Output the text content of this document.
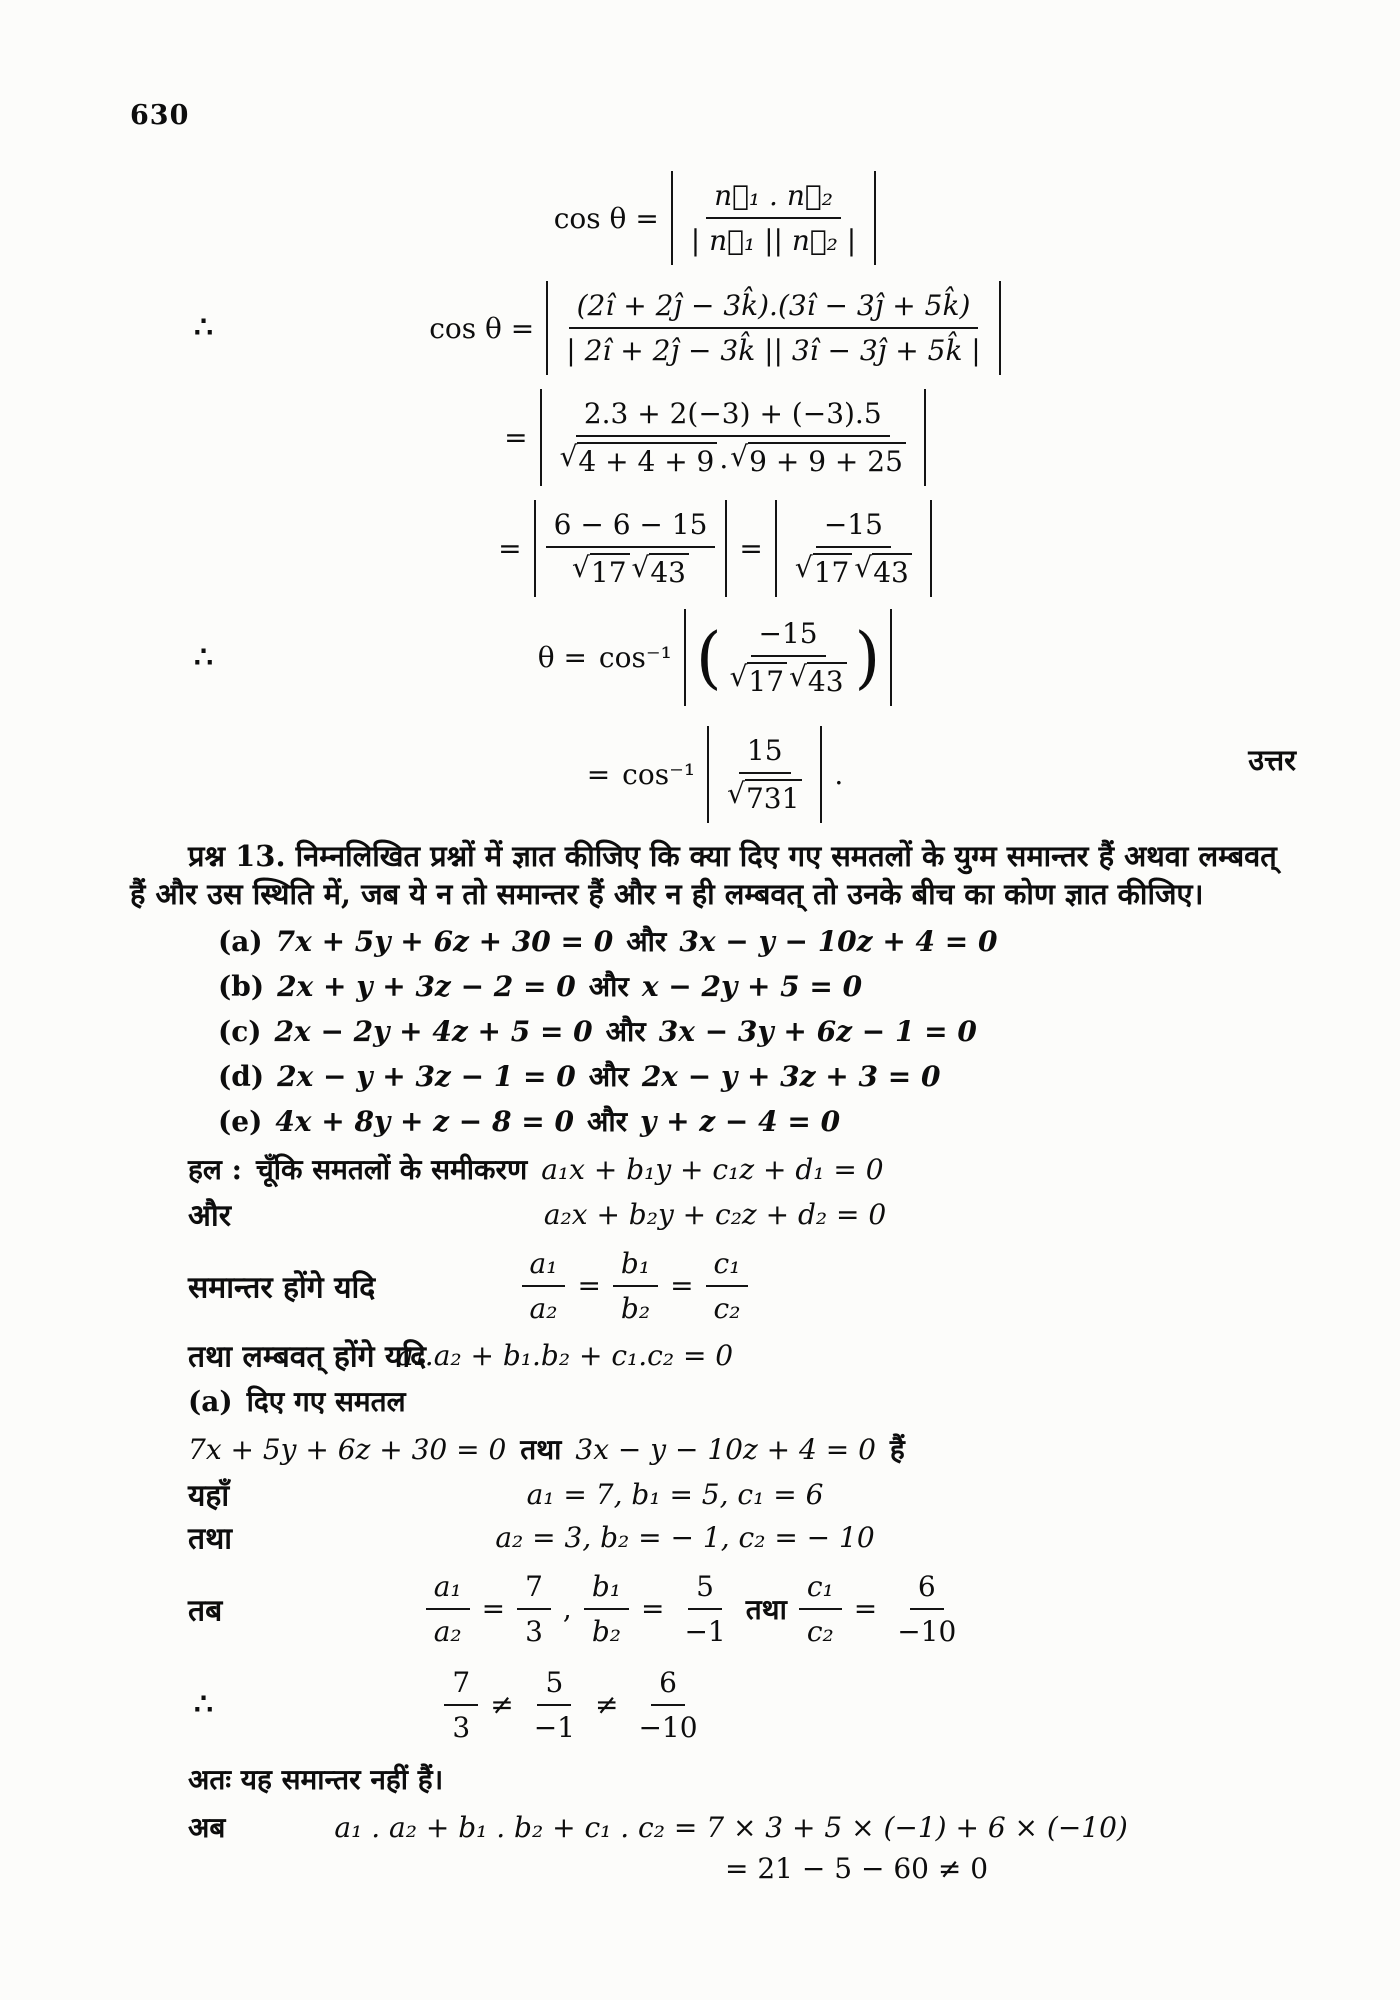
630
$\cos \theta = \frac{\text{n⃗₁ . n⃗₂}}{\text{| n⃗₁ || n⃗₂ |}}$
∴	$\cos \theta = \frac{(2î + 2ĵ - 3k̂).(3î - 3ĵ + 5k̂)}{| 2î + 2ĵ - 3k̂ || 3î - 3ĵ + 5k̂ |}$
=
2.3 + 2(−3) + (−3).5
√ 4 + 4 + 9 . √ 9 + 9 + 25
=
6 − 6 − 15
√ 17 √ 43
=
−15
√ 17 √ 43
∴	θ = cos⁻¹ ( −15
√ 17 √ 43 )
= $\cos^{-1} \frac{15}{√ 731}$ .	उत्तर
प्रश्न 13. निम्नलिखित प्रश्नों में ज्ञात कीजिए कि क्या दिए गए समतलों के युग्म समान्तर हैं अथवा लम्बवत्
हैं और उस स्थिति में, जब ये न तो समान्तर हैं और न ही लम्बवत् तो उनके बीच का कोण ज्ञात कीजिए।
(a) 7x + 5y + 6z + 30 = 0 और 3x − y − 10z + 4 = 0
(b) 2x + y + 3z − 2 = 0 और x − 2y + 5 = 0
(c) 2x − 2y + 4z + 5 = 0 और 3x − 3y + 6z − 1 = 0
(d) 2x − y + 3z − 1 = 0 और 2x − y + 3z + 3 = 0
(e) 4x + 8y + z − 8 = 0 और y + z − 4 = 0
हल : चूँकि समतलों के समीकरण a₁x + b₁y + c₁z + d₁ = 0
और	a₂x + b₂y + c₂z + d₂ = 0
समान्तर होंगे यदि	$\frac{\text{a₁}}{\text{a₂}} = \frac{\text{b₁}}{\text{b₂}} = \frac{\text{c₁}}{\text{c₂}}$
तथा लम्बवत् होंगे यदि
a₁.a₂ + b₁.b₂ + c₁.c₂ = 0
(a) दिए गए समतल
7x + 5y + 6z + 30 = 0 तथा 3x − y − 10z + 4 = 0 हैं
यहाँ	a₁ = 7, b₁ = 5, c₁ = 6
तथा	a₂ = 3, b₂ = − 1, c₂ = − 10
तब	$\frac{\text{a₁}}{\text{a₂}} = \frac{7}{3}$ , $\frac{\text{b₁}}{\text{b₂}} = \frac{5}{-1}$ तथा $\frac{\text{c₁}}{\text{c₂}} = \frac{6}{-10}$
∴	$\frac{7}{3} \ne \frac{5}{-1} \ne \frac{6}{-10}$
अतः यह समान्तर नहीं हैं।
अब	a₁ . a₂ + b₁ . b₂ + c₁ . c₂ = 7 × 3 + 5 × (−1) + 6 × (−10)
= 21 − 5 − 60 ≠ 0
